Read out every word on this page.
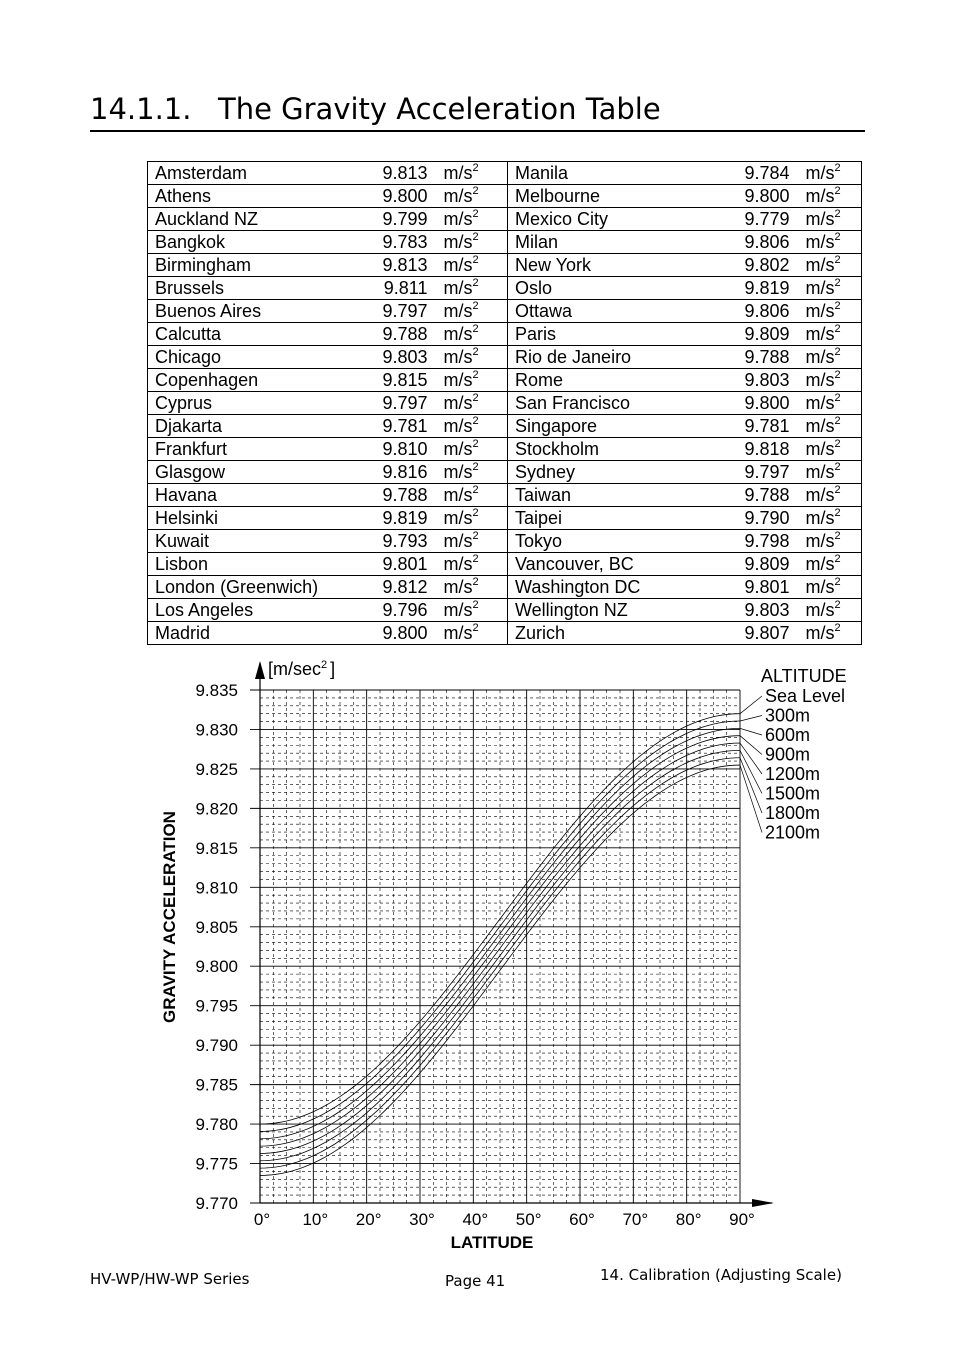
14.1.1. The Gravity Acceleration Table
Amsterdam	9.813	$m/s^2$	Manila	9.784	$m/s^2$
Athens	9.800	$m/s^2$	Melbourne	9.800	$m/s^2$
Auckland NZ	9.799	$m/s^2$	Mexico City	9.779	$m/s^2$
Bangkok	9.783	$m/s^2$	Milan	9.806	$m/s^2$
Birmingham	9.813	$m/s^2$	New York	9.802	$m/s^2$
Brussels	9.811	$m/s^2$	Oslo	9.819	$m/s^2$
Buenos Aires	9.797	$m/s^2$	Ottawa	9.806	$m/s^2$
Calcutta	9.788	$m/s^2$	Paris	9.809	$m/s^2$
Chicago	9.803	$m/s^2$	Rio de Janeiro	9.788	$m/s^2$
Copenhagen	9.815	$m/s^2$	Rome	9.803	$m/s^2$
Cyprus	9.797	$m/s^2$	San Francisco	9.800	$m/s^2$
Djakarta	9.781	$m/s^2$	Singapore	9.781	$m/s^2$
Frankfurt	9.810	$m/s^2$	Stockholm	9.818	$m/s^2$
Glasgow	9.816	$m/s^2$	Sydney	9.797	$m/s^2$
Havana	9.788	$m/s^2$	Taiwan	9.788	$m/s^2$
Helsinki	9.819	$m/s^2$	Taipei	9.790	$m/s^2$
Kuwait	9.793	$m/s^2$	Tokyo	9.798	$m/s^2$
Lisbon	9.801	$m/s^2$	Vancouver, BC	9.809	$m/s^2$
London (Greenwich)	9.812	$m/s^2$	Washington DC	9.801	$m/s^2$
Los Angeles	9.796	$m/s^2$	Wellington NZ	9.803	$m/s^2$
Madrid	9.800	$m/s^2$	Zurich	9.807	$m/s^2$
9.835
9.830
9.825
9.820
9.815
9.810
9.805
9.800
9.795
9.790
9.785
9.780
9.775
9.770
0° 10° 20° 30° 40° 50° 60° 70° 80° 90°
LATITUDE
GRAVITY ACCELERATION
[$m/\sec^2$ ]	ALTITUDE
Sea Level
300m
600m
900m
1200m
1500m
1800m
2100m
HV-WP/HW-WP Series	Page 41	14. Calibration (Adjusting Scale)
